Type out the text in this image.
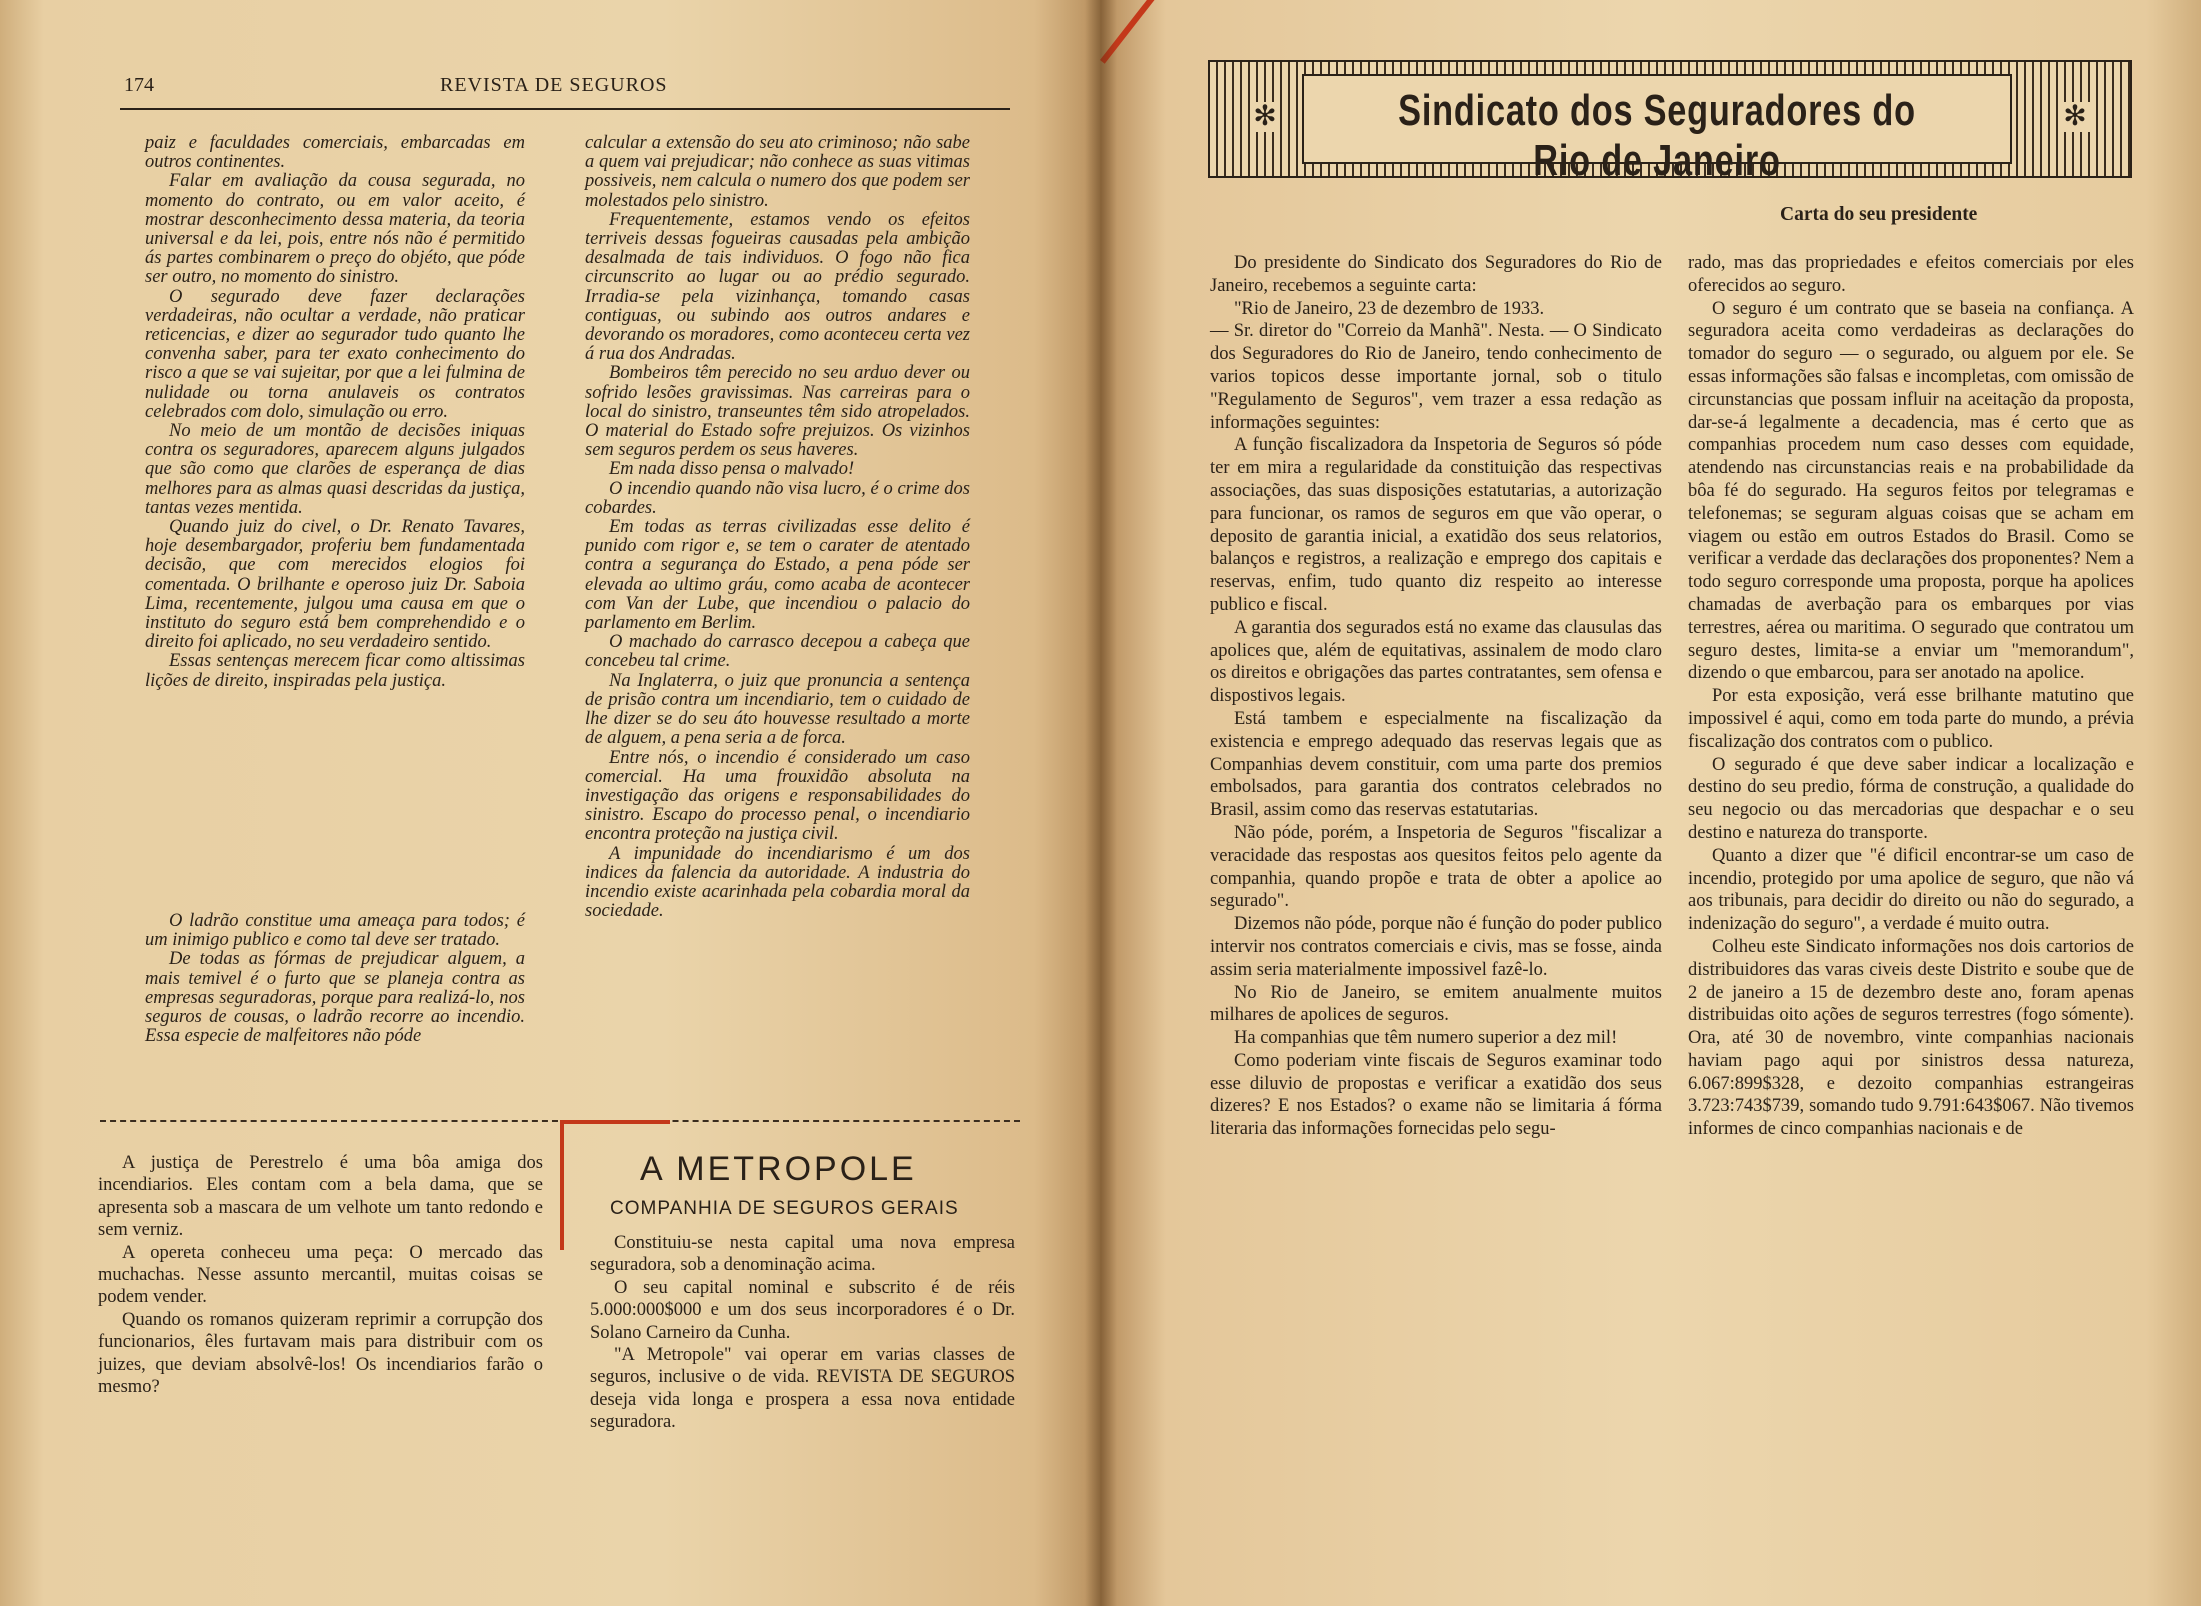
174	REVISTA DE SEGUROS

paiz e faculdades comerciais, embarcadas em outros continentes.

Falar em avaliação da cousa segurada, no momento do contrato, ou em valor aceito, é mostrar desconhecimento dessa materia, da teoria universal e da lei, pois, entre nós não é permitido ás partes combinarem o preço do objéto, que póde ser outro, no momento do sinistro.

O segurado deve fazer declarações verdadeiras, não ocultar a verdade, não praticar reticencias, e dizer ao segurador tudo quanto lhe convenha saber, para ter exato conhecimento do risco a que se vai sujeitar, por que a lei fulmina de nulidade ou torna anulaveis os contratos celebrados com dolo, simulação ou erro.

No meio de um montão de decisões iniquas contra os seguradores, aparecem alguns julgados que são como que clarões de esperança de dias melhores para as almas quasi descridas da justiça, tantas vezes mentida.

Quando juiz do civel, o Dr. Renato Tavares, hoje desembargador, proferiu bem fundamentada decisão, que com merecidos elogios foi comentada. O brilhante e operoso juiz Dr. Saboia Lima, recentemente, julgou uma causa em que o instituto do seguro está bem comprehendido e o direito foi aplicado, no seu verdadeiro sentido.

Essas sentenças merecem ficar como altissimas lições de direito, inspiradas pela justiça.

O ladrão constitue uma ameaça para todos; é um inimigo publico e como tal deve ser tratado.

De todas as fórmas de prejudicar alguem, a mais temivel é o furto que se planeja contra as empresas seguradoras, porque para realizá-lo, nos seguros de cousas, o ladrão recorre ao incendio. Essa especie de malfeitores não póde

calcular a extensão do seu ato criminoso; não sabe a quem vai prejudicar; não conhece as suas vitimas possiveis, nem calcula o numero dos que podem ser molestados pelo sinistro.

Frequentemente, estamos vendo os efeitos terriveis dessas fogueiras causadas pela ambição desalmada de tais individuos. O fogo não fica circunscrito ao lugar ou ao prédio segurado. Irradia-se pela vizinhança, tomando casas contiguas, ou subindo aos outros andares e devorando os moradores, como aconteceu certa vez á rua dos Andradas.

Bombeiros têm perecido no seu arduo dever ou sofrido lesões gravissimas. Nas carreiras para o local do sinistro, transeuntes têm sido atropelados. O material do Estado sofre prejuizos. Os vizinhos sem seguros perdem os seus haveres.

Em nada disso pensa o malvado!

O incendio quando não visa lucro, é o crime dos cobardes.

Em todas as terras civilizadas esse delito é punido com rigor e, se tem o carater de atentado contra a segurança do Estado, a pena póde ser elevada ao ultimo gráu, como acaba de acontecer com Van der Lube, que incendiou o palacio do parlamento em Berlim.

O machado do carrasco decepou a cabeça que concebeu tal crime.

Na Inglaterra, o juiz que pronuncia a sentença de prisão contra um incendiario, tem o cuidado de lhe dizer se do seu áto houvesse resultado a morte de alguem, a pena seria a de forca.

Entre nós, o incendio é considerado um caso comercial. Ha uma frouxidão absoluta na investigação das origens e responsabilidades do sinistro. Escapo do processo penal, o incendiario encontra proteção na justiça civil.

A impunidade do incendiarismo é um dos indices da falencia da autoridade. A industria do incendio existe acarinhada pela cobardia moral da sociedade.

A justiça de Perestrelo é uma bôa amiga dos incendiarios. Eles contam com a bela dama, que se apresenta sob a mascara de um velhote um tanto redondo e sem verniz.

A opereta conheceu uma peça: O mercado das muchachas. Nesse assunto mercantil, muitas coisas se podem vender.

Quando os romanos quizeram reprimir a corrupção dos funcionarios, êles furtavam mais para distribuir com os juizes, que deviam absolvê-los! Os incendiarios farão o mesmo?

A METROPOLE
COMPANHIA DE SEGUROS GERAIS

Constituiu-se nesta capital uma nova empresa seguradora, sob a denominação acima.

O seu capital nominal e subscrito é de réis 5.000:000$000 e um dos seus incorporadores é o Dr. Solano Carneiro da Cunha.

"A Metropole" vai operar em varias classes de seguros, inclusive o de vida. REVISTA DE SEGUROS deseja vida longa e prospera a essa nova entidade seguradora.

✻	Sindicato dos Seguradores do Rio de Janeiro
✻
Carta do seu presidente

Do presidente do Sindicato dos Seguradores do Rio de Janeiro, recebemos a seguinte carta:

"Rio de Janeiro, 23 de dezembro de 1933.

— Sr. diretor do "Correio da Manhã". Nesta. — O Sindicato dos Seguradores do Rio de Janeiro, tendo conhecimento de varios topicos desse importante jornal, sob o titulo "Regulamento de Seguros", vem trazer a essa redação as informações seguintes:

A função fiscalizadora da Inspetoria de Seguros só póde ter em mira a regularidade da constituição das respectivas associações, das suas disposições estatutarias, a autorização para funcionar, os ramos de seguros em que vão operar, o deposito de garantia inicial, a exatidão dos seus relatorios, balanços e registros, a realização e emprego dos capitais e reservas, enfim, tudo quanto diz respeito ao interesse publico e fiscal.

A garantia dos segurados está no exame das clausulas das apolices que, além de equitativas, assinalem de modo claro os direitos e obrigações das partes contratantes, sem ofensa e dispostivos legais.

Está tambem e especialmente na fiscalização da existencia e emprego adequado das reservas legais que as Companhias devem constituir, com uma parte dos premios embolsados, para garantia dos contratos celebrados no Brasil, assim como das reservas estatutarias.

Não póde, porém, a Inspetoria de Seguros "fiscalizar a veracidade das respostas aos quesitos feitos pelo agente da companhia, quando propõe e trata de obter a apolice ao segurado".

Dizemos não póde, porque não é função do poder publico intervir nos contratos comerciais e civis, mas se fosse, ainda assim seria materialmente impossivel fazê-lo.

No Rio de Janeiro, se emitem anualmente muitos milhares de apolices de seguros.

Ha companhias que têm numero superior a dez mil!

Como poderiam vinte fiscais de Seguros examinar todo esse diluvio de propostas e verificar a exatidão dos seus dizeres? E nos Estados? o exame não se limitaria á fórma literaria das informações fornecidas pelo segu-

rado, mas das propriedades e efeitos comerciais por eles oferecidos ao seguro.

O seguro é um contrato que se baseia na confiança. A seguradora aceita como verdadeiras as declarações do tomador do seguro — o segurado, ou alguem por ele. Se essas informações são falsas e incompletas, com omissão de circunstancias que possam influir na aceitação da proposta, dar-se-á legalmente a decadencia, mas é certo que as companhias procedem num caso desses com equidade, atendendo nas circunstancias reais e na probabilidade da bôa fé do segurado. Ha seguros feitos por telegramas e telefonemas; se seguram alguas coisas que se acham em viagem ou estão em outros Estados do Brasil. Como se verificar a verdade das declarações dos proponentes? Nem a todo seguro corresponde uma proposta, porque ha apolices chamadas de averbação para os embarques por vias terrestres, aérea ou maritima. O segurado que contratou um seguro destes, limita-se a enviar um "memorandum", dizendo o que embarcou, para ser anotado na apolice.

Por esta exposição, verá esse brilhante matutino que impossivel é aqui, como em toda parte do mundo, a prévia fiscalização dos contratos com o publico.

O segurado é que deve saber indicar a localização e destino do seu predio, fórma de construção, a qualidade do seu negocio ou das mercadorias que despachar e o seu destino e natureza do transporte.

Quanto a dizer que "é dificil encontrar-se um caso de incendio, protegido por uma apolice de seguro, que não vá aos tribunais, para decidir do direito ou não do segurado, a indenização do seguro", a verdade é muito outra.

Colheu este Sindicato informações nos dois cartorios de distribuidores das varas civeis deste Distrito e soube que de 2 de janeiro a 15 de dezembro deste ano, foram apenas distribuidas oito ações de seguros terrestres (fogo sómente). Ora, até 30 de novembro, vinte companhias nacionais haviam pago aqui por sinistros dessa natureza, 6.067:899$328, e dezoito companhias estrangeiras 3.723:743$739, somando tudo 9.791:643$067. Não tivemos informes de cinco companhias nacionais e de
